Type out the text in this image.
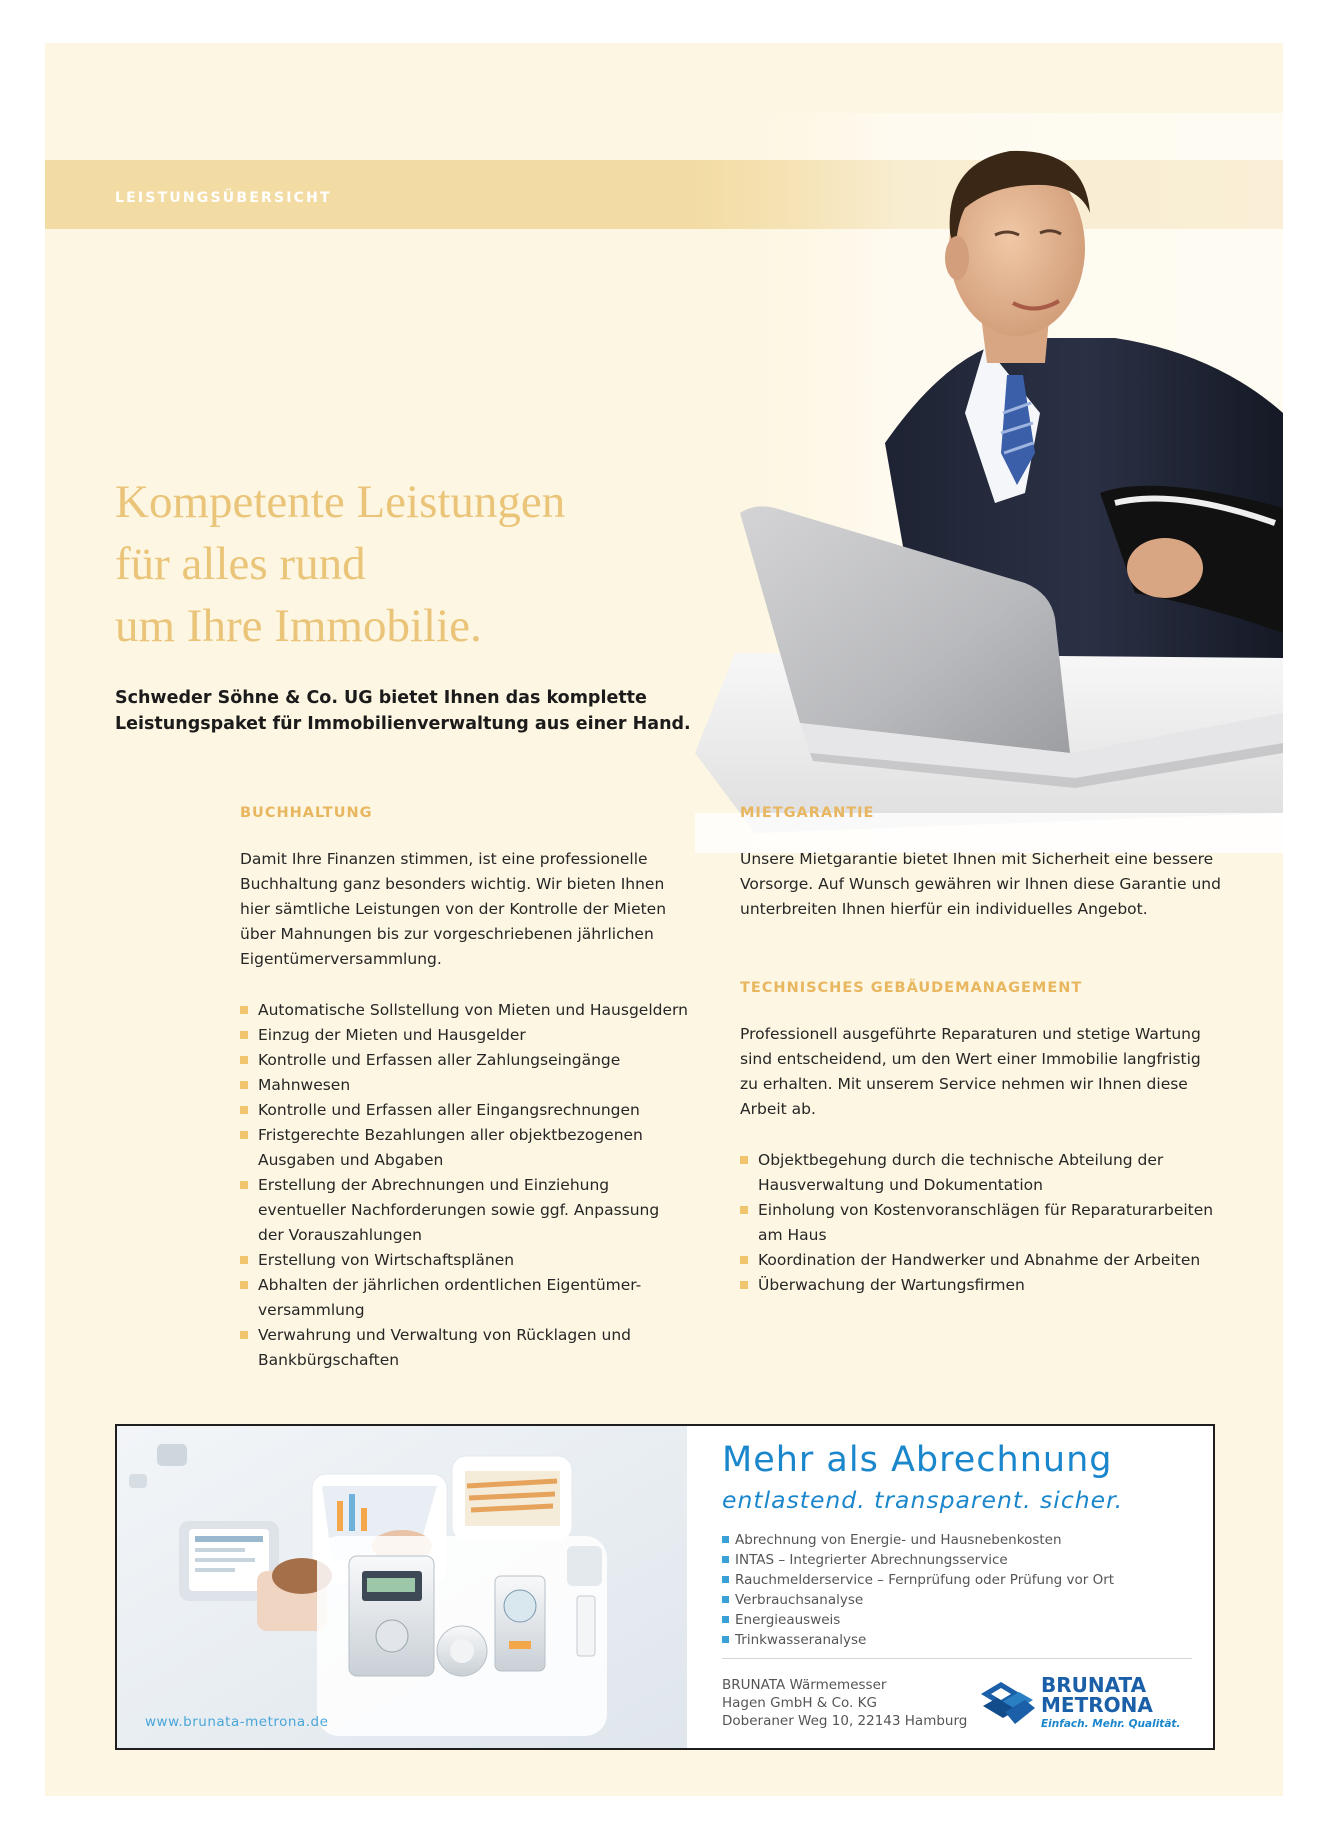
LEISTUNGSÜBERSICHT
Kompetente Leistungen
für alles rund
um Ihre Immobilie.

Schweder Söhne & Co. UG bietet Ihnen das komplette
Leistungspaket für Immobilienverwaltung aus einer Hand.

BUCHHALTUNG

Damit Ihre Finanzen stimmen, ist eine professionelle
Buchhaltung ganz besonders wichtig. Wir bieten Ihnen
hier sämtliche Leistungen von der Kontrolle der Mieten
über Mahnungen bis zur vorgeschriebenen jährlichen
Eigentümerversammlung.

Automatische Sollstellung von Mieten und Hausgeldern
Einzug der Mieten und Hausgelder
Kontrolle und Erfassen aller Zahlungseingänge
Mahnwesen
Kontrolle und Erfassen aller Eingangsrechnungen
Fristgerechte Bezahlungen aller objektbezogenen
Ausgaben und Abgaben
Erstellung der Abrechnungen und Einziehung
eventueller Nachforderungen sowie ggf. Anpassung
der Vorauszahlungen
Erstellung von Wirtschaftsplänen
Abhalten der jährlichen ordentlichen Eigentümer-
versammlung
Verwahrung und Verwaltung von Rücklagen und
Bankbürgschaften
MIETGARANTIE

Unsere Mietgarantie bietet Ihnen mit Sicherheit eine bessere
Vorsorge. Auf Wunsch gewähren wir Ihnen diese Garantie und
unterbreiten Ihnen hierfür ein individuelles Angebot.

TECHNISCHES GEBÄUDEMANAGEMENT

Professionell ausgeführte Reparaturen und stetige Wartung
sind entscheidend, um den Wert einer Immobilie langfristig
zu erhalten. Mit unserem Service nehmen wir Ihnen diese
Arbeit ab.

Objektbegehung durch die technische Abteilung der
Hausverwaltung und Dokumentation
Einholung von Kostenvoranschlägen für Reparaturarbeiten
am Haus
Koordination der Handwerker und Abnahme der Arbeiten
Überwachung der Wartungsfirmen
www.brunata-metrona.de
Mehr als Abrechnung
entlastend. transparent. sicher.
Abrechnung von Energie- und Hausnebenkosten
INTAS – Integrierter Abrechnungsservice
Rauchmelderservice – Fernprüfung oder Prüfung vor Ort
Verbrauchsanalyse
Energieausweis
Trinkwasseranalyse
BRUNATA Wärmemesser
Hagen GmbH & Co. KG
Doberaner Weg 10, 22143 Hamburg
BRUNATA
METRONA
Einfach. Mehr. Qualität.
